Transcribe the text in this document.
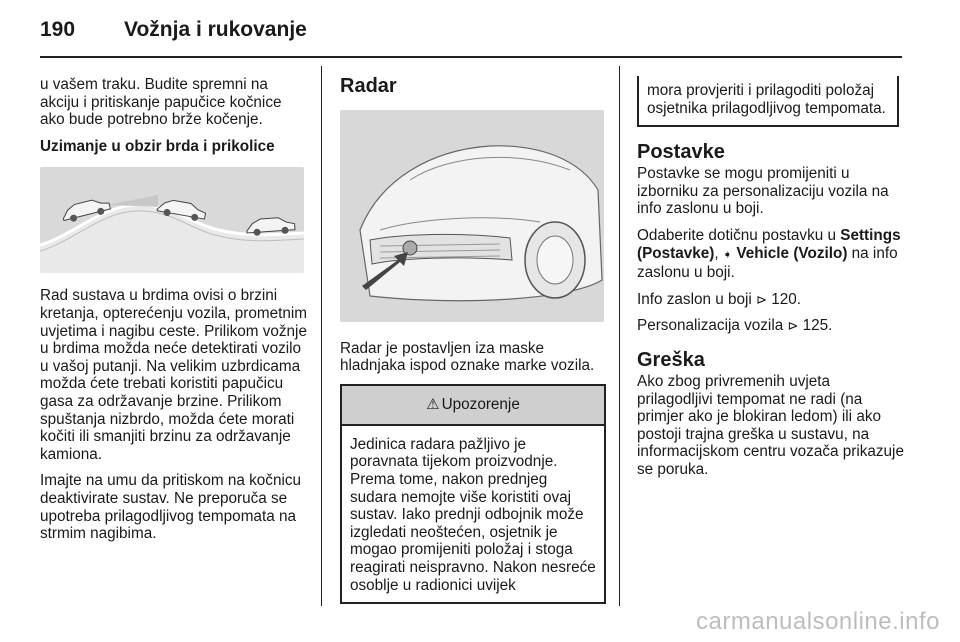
190 Vožnja i rukovanje

u vašem traku. Budite spremni na akciju i pritiskanje papučice kočnice ako bude potrebno brže kočenje.

Uzimanje u obzir brda i prikolice

Rad sustava u brdima ovisi o brzini kretanja, opterećenju vozila, prometnim uvjetima i nagibu ceste. Prilikom vožnje u brdima možda neće detektirati vozilo u vašoj putanji. Na velikim uzbrdicama možda ćete trebati koristiti papučicu gasa za održavanje brzine. Prilikom spuštanja nizbrdo, možda ćete morati kočiti ili smanjiti brzinu za održavanje kamiona.

Imajte na umu da pritiskom na kočnicu deaktivirate sustav. Ne preporuča se upotreba prilagodljivog tempomata na strmim nagibima.

Radar

Radar je postavljen iza maske hladnjaka ispod oznake marke vozila.

⚠ Upozorenje
Jedinica radara pažljivo je poravnata tijekom proizvodnje. Prema tome, nakon prednjeg sudara nemojte više koristiti ovaj sustav. Iako prednji odbojnik može izgledati neoštećen, osjetnik je mogao promijeniti položaj i stoga reagirati neispravno. Nakon nesreće osoblje u radionici uvijek
mora provjeriti i prilagoditi položaj osjetnika prilagodljivog tempomata.
Postavke

Postavke se mogu promijeniti u izborniku za personalizaciju vozila na info zaslonu u boji.

Odaberite dotičnu postavku u Settings (Postavke), ➧ Vehicle (Vozilo) na info zaslonu u boji.

Info zaslon u boji ⊳ 120.

Personalizacija vozila ⊳ 125.

Greška

Ako zbog privremenih uvjeta prilagodljivi tempomat ne radi (na primjer ako je blokiran ledom) ili ako postoji trajna greška u sustavu, na informacijskom centru vozača prikazuje se poruka.

carmanualsonline.info
